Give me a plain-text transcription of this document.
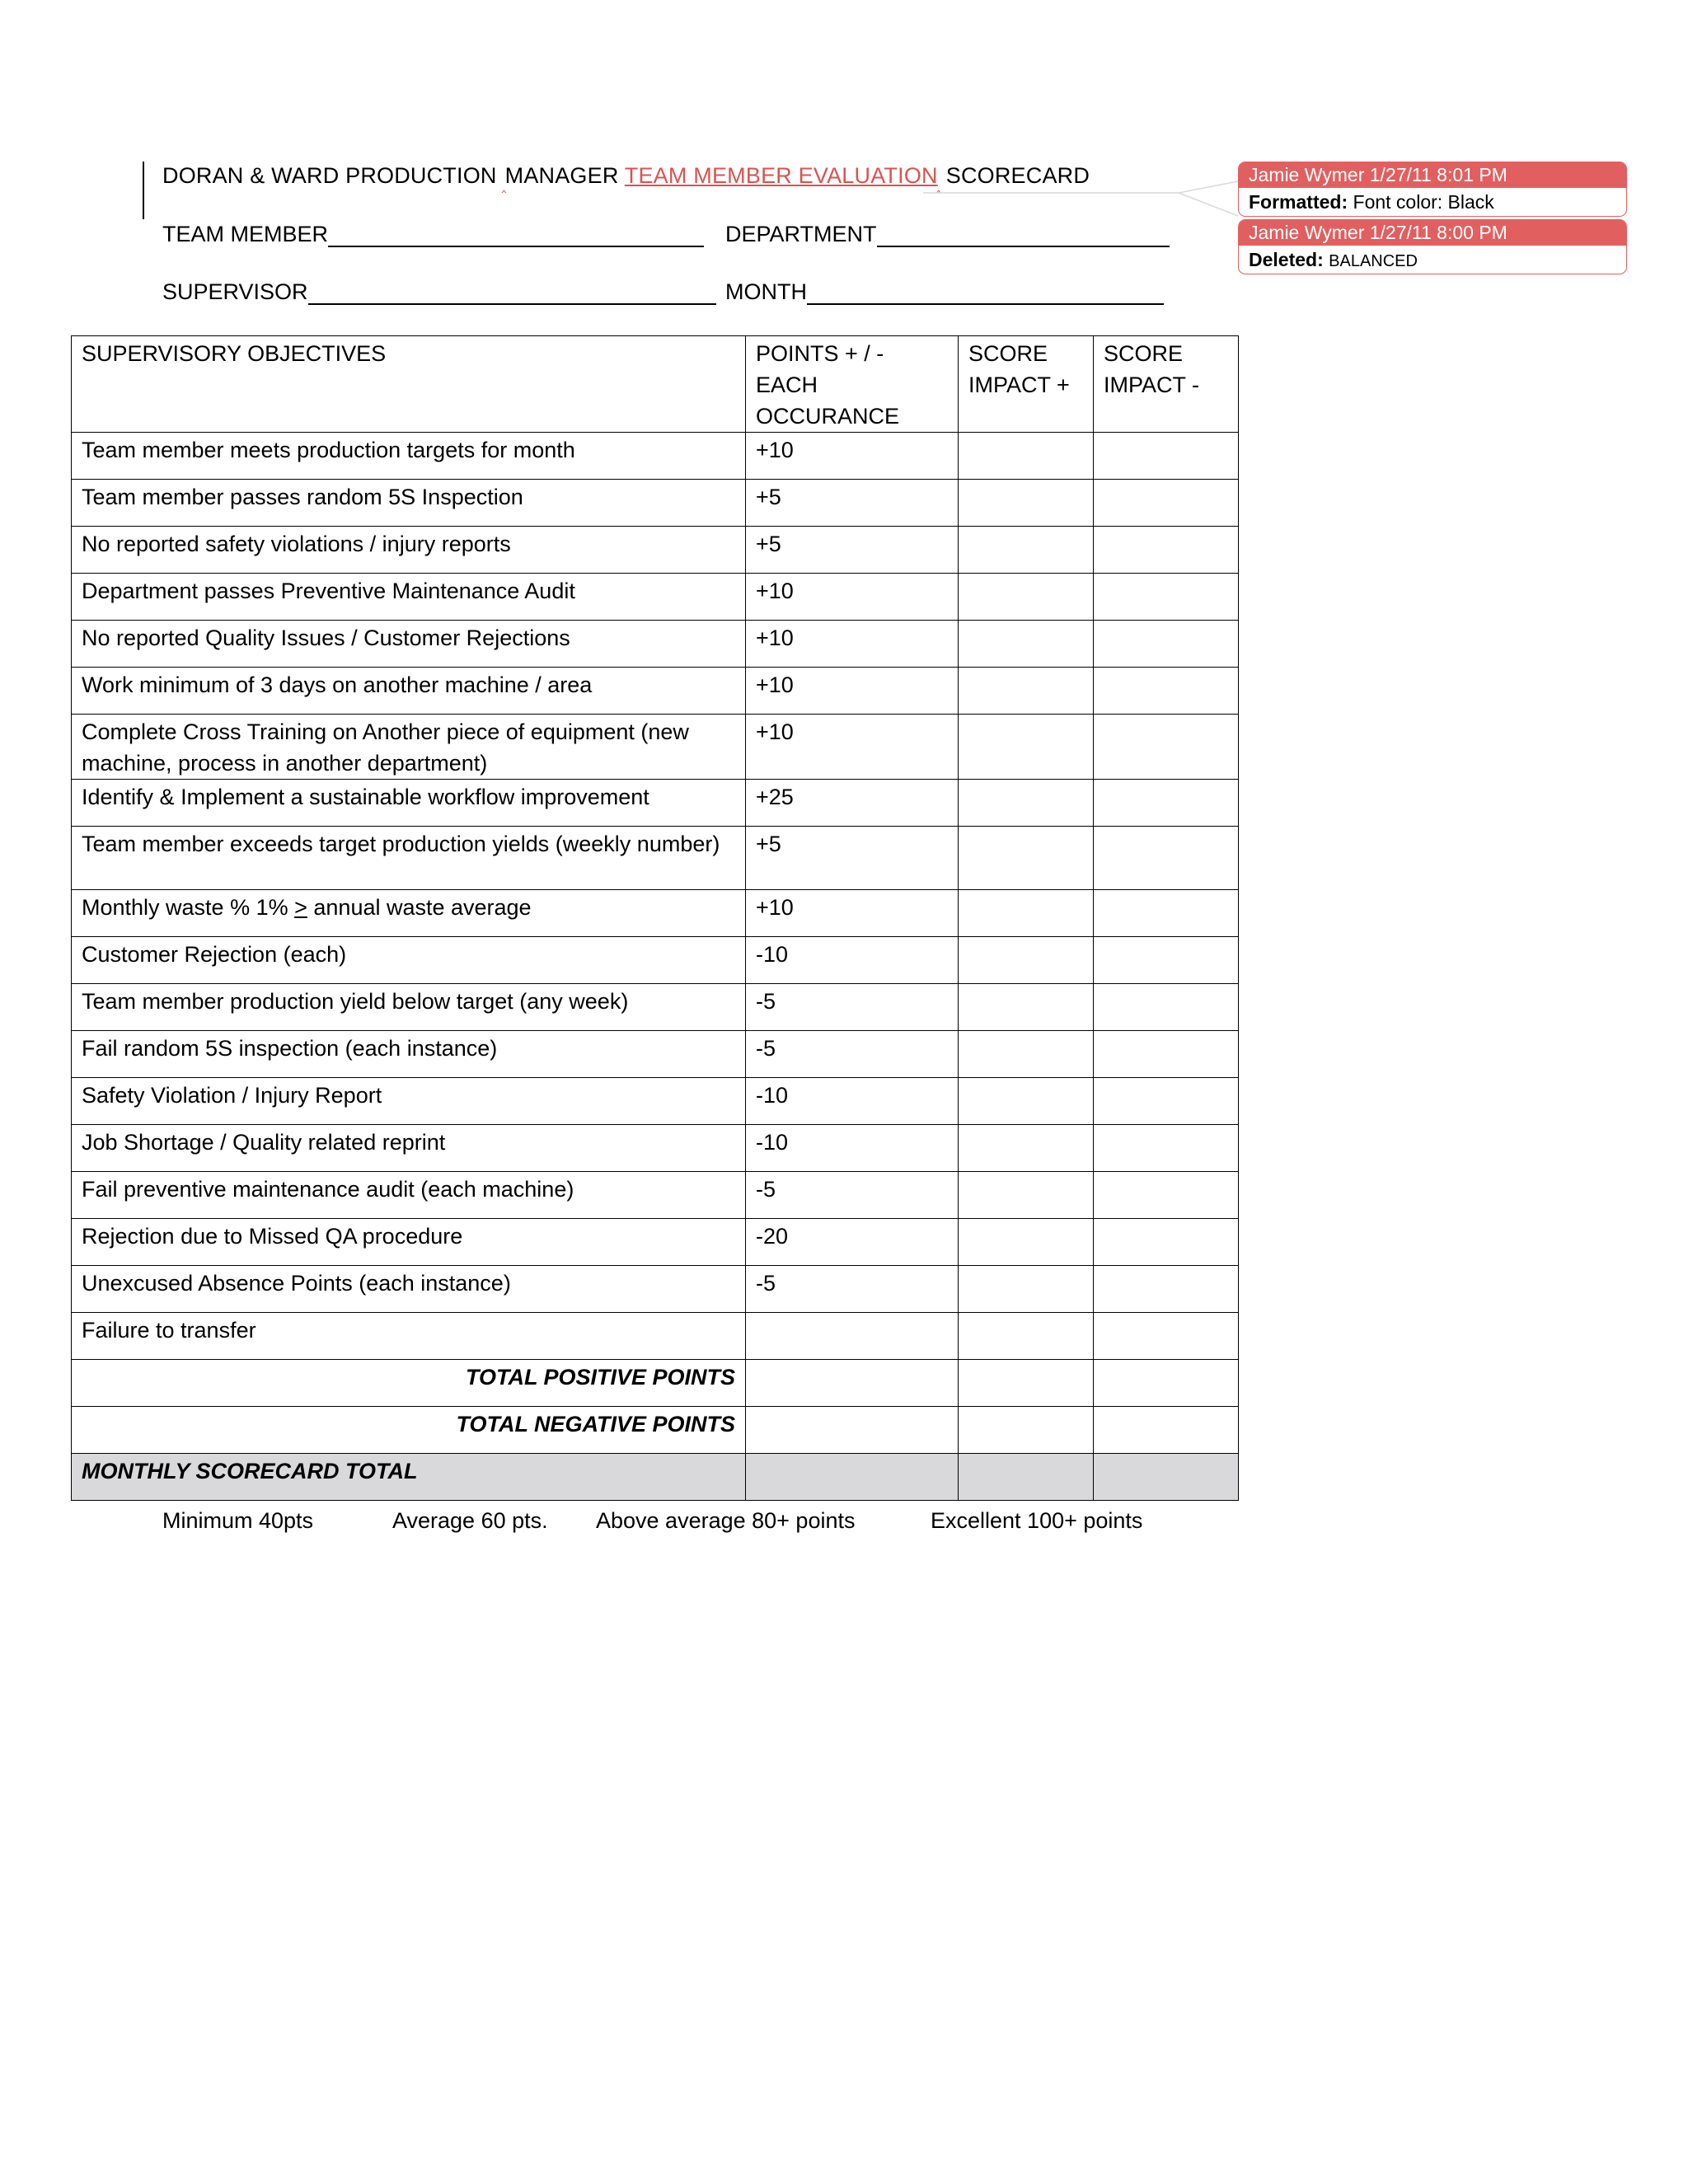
DORAN & WARD PRODUCTION $_‸$MANAGER TEAM MEMBER $EVALUATION_‸$ SCORECARD
TEAM MEMBER	DEPARTMENT
SUPERVISOR	MONTH
Jamie Wymer 1/27/11 8:01 PM
Formatted: Font color: Black
Jamie Wymer 1/27/11 8:00 PM
Deleted: BALANCED
SUPERVISORY OBJECTIVES	POINTS + / - EACH OCCURANCE	SCORE IMPACT +	SCORE IMPACT -
Team member meets production targets for month	+10		
Team member passes random 5S Inspection	+5		
No reported safety violations / injury reports	+5		
Department passes Preventive Maintenance Audit	+10		
No reported Quality Issues / Customer Rejections	+10		
Work minimum of 3 days on another machine / area	+10		
Complete Cross Training on Another piece of equipment (new machine, process in another department)	+10		
Identify & Implement a sustainable workflow improvement	+25		
Team member exceeds target production yields (weekly number)	+5		
Monthly waste % 1% > annual waste average	+10		
Customer Rejection (each)	-10		
Team member production yield below target (any week)	-5		
Fail random 5S inspection (each instance)	-5		
Safety Violation / Injury Report	-10		
Job Shortage / Quality related reprint	-10		
Fail preventive maintenance audit (each machine)	-5		
Rejection due to Missed QA procedure	-20		
Unexcused Absence Points (each instance)	-5		
Failure to transfer			
TOTAL POSITIVE POINTS			
TOTAL NEGATIVE POINTS			
MONTHLY SCORECARD TOTAL			
Minimum 40pts	Average 60 pts. Above average 80+ points	Excellent 100+ points
